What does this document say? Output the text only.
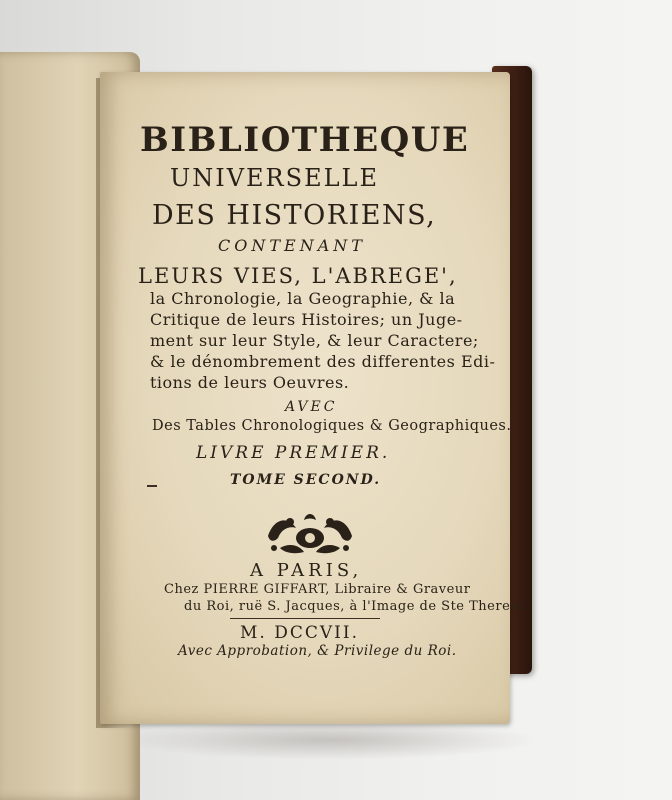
BIBLIOTHEQUE
UNIVERSELLE
DES HISTORIENS,
CONTENANT
LEURS VIES, L'ABREGE',
la Chronologie, la Geographie, & la
Critique de leurs Histoires; un Juge-
ment sur leur Style, & leur Caractere;
& le dénombrement des differentes Edi-
tions de leurs Oeuvres.
AVEC
Des Tables Chronologiques & Geographiques.
LIVRE PREMIER.
TOME SECOND.
A PARIS,
Chez PIERRE GIFFART, Libraire & Graveur
du Roi, ruë S. Jacques, à l'Image de Ste Therese.
M. DCCVII.
Avec Approbation, & Privilege du Roi.
